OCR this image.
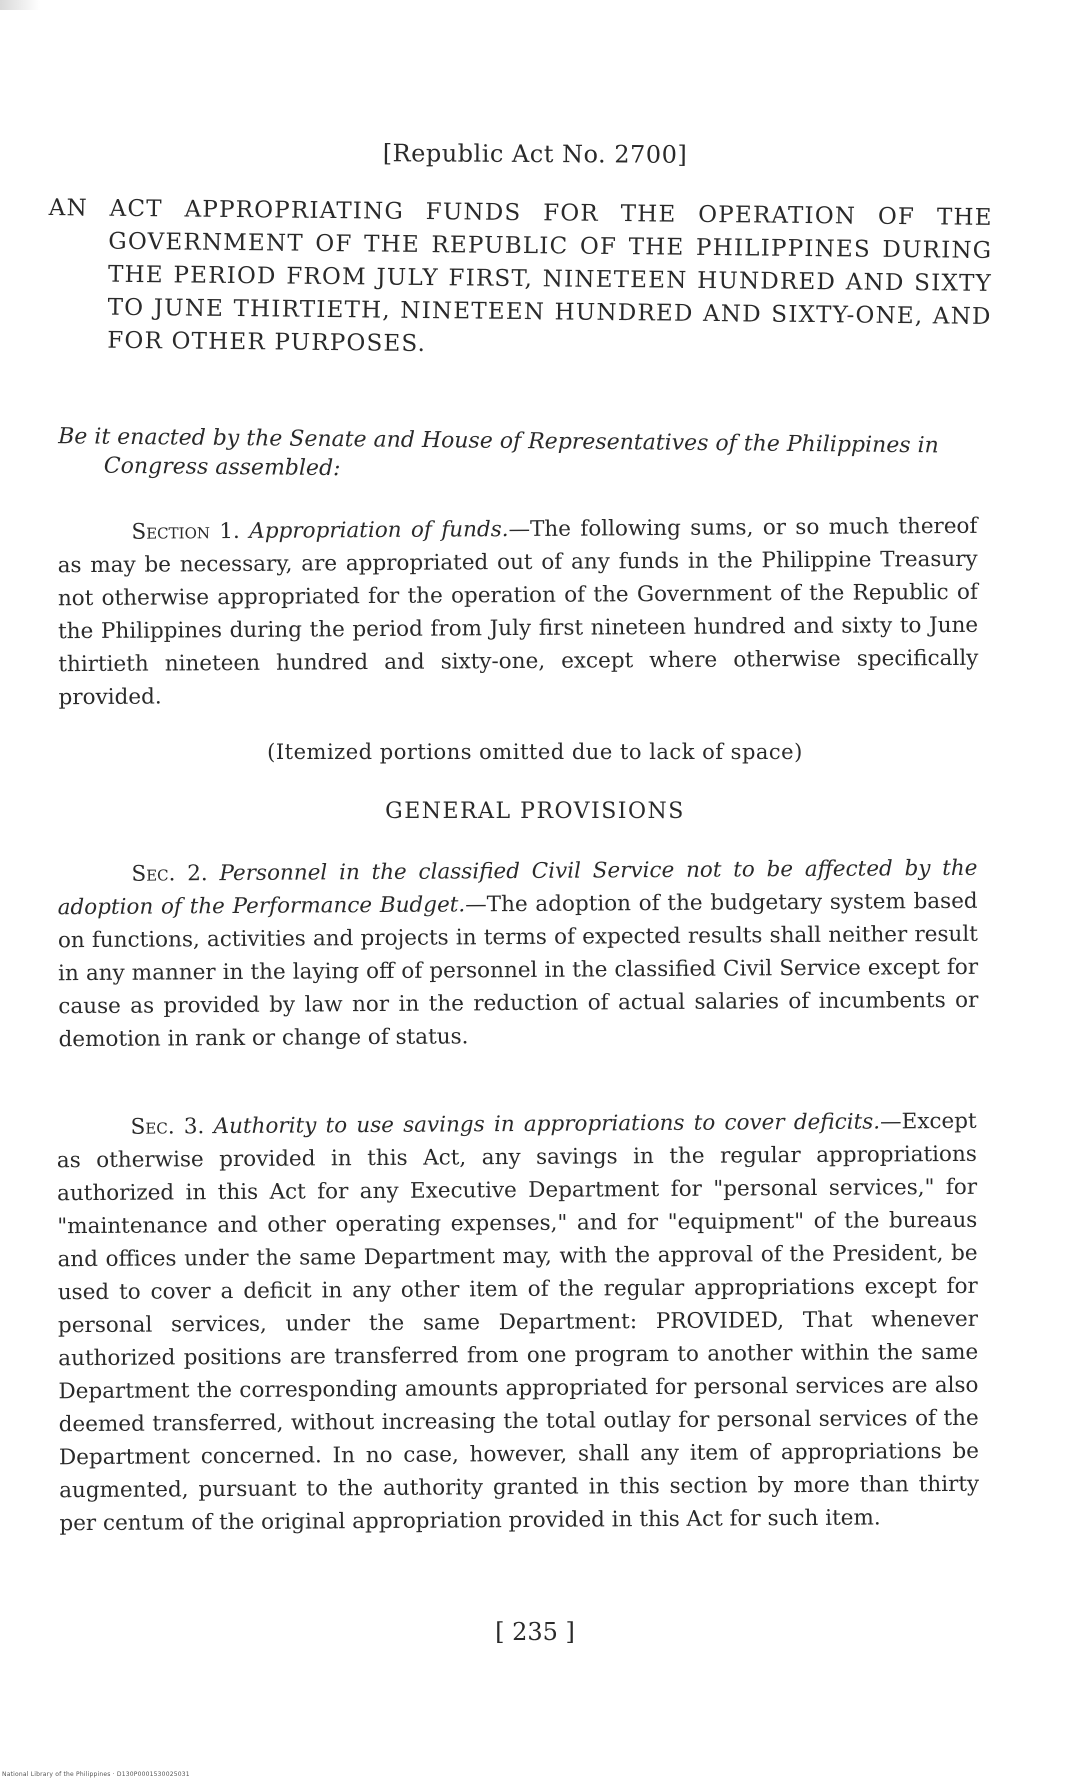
[Republic Act No. 2700]
AN ACT APPROPRIATING FUNDS FOR THE OPERATION OF THE GOVERNMENT OF THE REPUBLIC OF THE PHILIPPINES DURING THE PERIOD FROM JULY FIRST, NINETEEN HUNDRED AND SIXTY TO JUNE THIRTIETH, NINETEEN HUNDRED AND SIXTY-ONE, AND FOR OTHER PURPOSES.
Be it enacted by the Senate and House of Representatives of the Philippines in Congress assembled:
Section 1. Appropriation of funds.—The following sums, or so much thereof as may be necessary, are appropriated out of any funds in the Philippine Treasury not otherwise appropriated for the operation of the Government of the Republic of the Philippines during the period from July first nineteen hundred and sixty to June thirtieth nineteen hundred and sixty-one, except where otherwise specifically provided.
(Itemized portions omitted due to lack of space)
GENERAL PROVISIONS
Sec. 2. Personnel in the classified Civil Service not to be affected by the adoption of the Performance Budget.—The adoption of the budgetary system based on functions, activities and projects in terms of expected results shall neither result in any manner in the laying off of personnel in the classified Civil Service except for cause as provided by law nor in the reduction of actual salaries of incumbents or demotion in rank or change of status.
Sec. 3. Authority to use savings in appropriations to cover deficits.—Except as otherwise provided in this Act, any savings in the regular appropriations authorized in this Act for any Executive Department for "personal services," for "maintenance and other operating expenses," and for "equipment" of the bureaus and offices under the same Department may, with the approval of the President, be used to cover a deficit in any other item of the regular appropriations except for personal services, under the same Department: PROVIDED, That whenever authorized positions are transferred from one program to another within the same Department the corresponding amounts appropriated for personal services are also deemed transferred, without increasing the total outlay for personal services of the Department concerned. In no case, however, shall any item of appropriations be augmented, pursuant to the authority granted in this section by more than thirty per centum of the original appropriation provided in this Act for such item.
[ 235 ]
National Library of the Philippines · D130P0001530025031
